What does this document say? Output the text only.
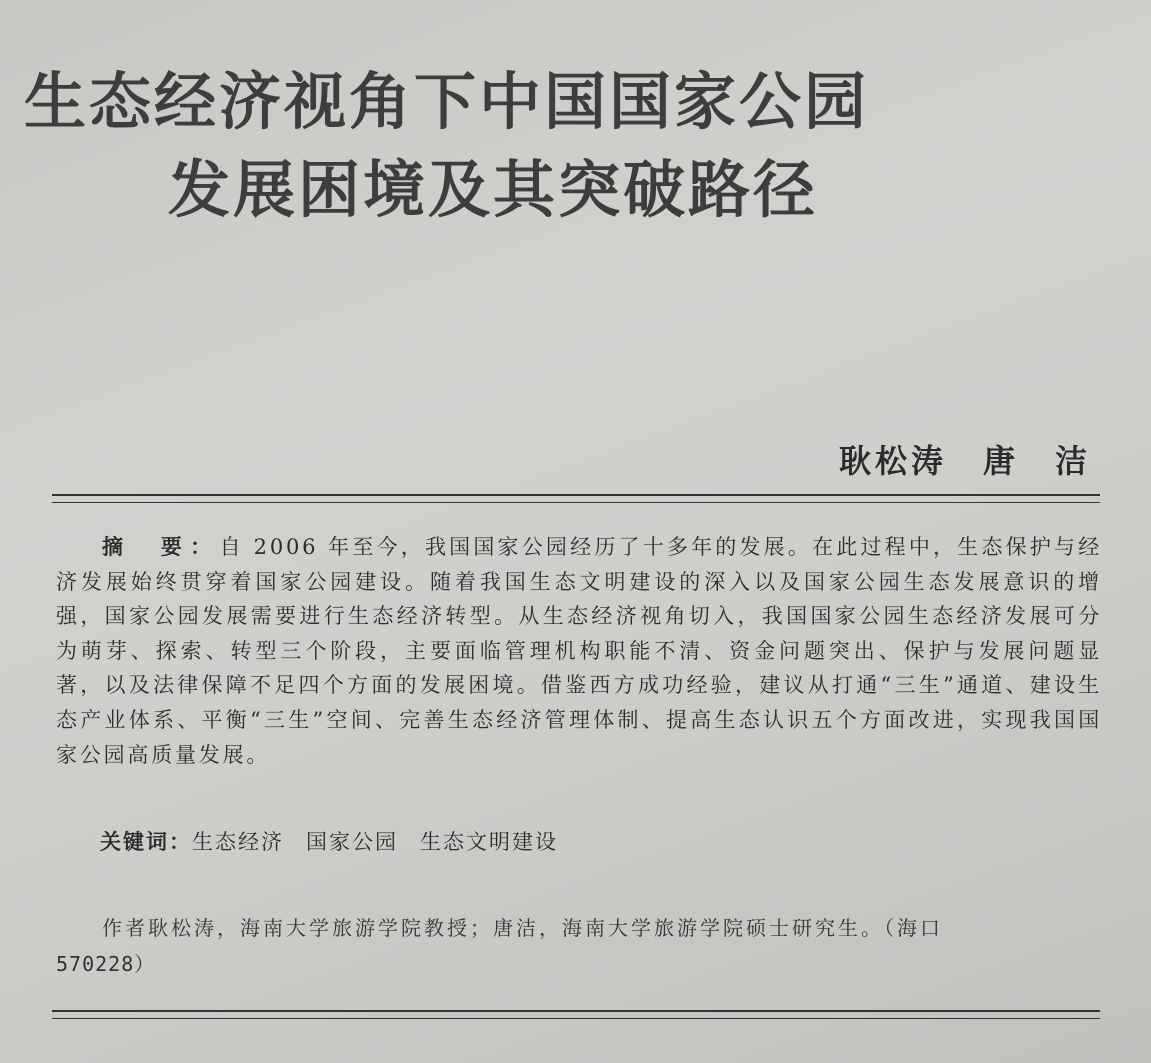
生态经济视角下中国国家公园
发展困境及其突破路径
耿松涛　唐　洁
摘　要：自 2006 年至今，我国国家公园经历了十多年的发展。在此过程中，生态保护与经济发展始终贯穿着国家公园建设。随着我国生态文明建设的深入以及国家公园生态发展意识的增强，国家公园发展需要进行生态经济转型。从生态经济视角切入，我国国家公园生态经济发展可分为萌芽、探索、转型三个阶段，主要面临管理机构职能不清、资金问题突出、保护与发展问题显著，以及法律保障不足四个方面的发展困境。借鉴西方成功经验，建议从打通“三生”通道、建设生态产业体系、平衡“三生”空间、完善生态经济管理体制、提高生态认识五个方面改进，实现我国国家公园高质量发展。
关键词：生态经济 国家公园 生态文明建设
作者耿松涛，海南大学旅游学院教授；唐洁，海南大学旅游学院硕士研究生。（海口
570228）
